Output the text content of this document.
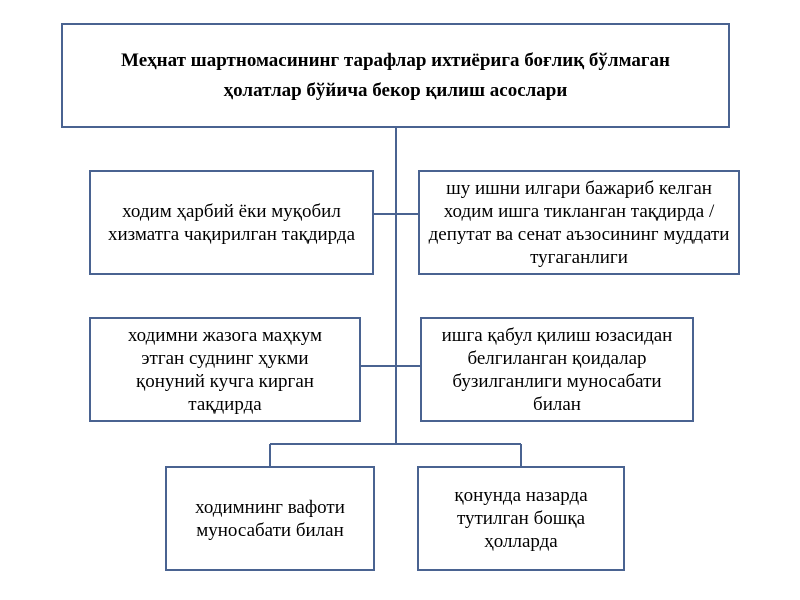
Меҳнат шартномасининг тарафлар ихтиёрига боғлиқ бўлмаган ҳолатлар бўйича бекор қилиш асослари
ходим ҳарбий ёки муқобил хизматга чақирилган тақдирда
шу ишни илгари бажариб келган ходим ишга тикланган тақдирда / депутат ва сенат аъзосининг муддати тугаганлиги
ходимни жазога маҳкум этган суднинг ҳукми қонуний кучга кирган тақдирда
ишга қабул қилиш юзасидан белгиланган қоидалар бузилганлиги муносабати билан
ходимнинг вафоти муносабати билан
қонунда назарда тутилган бошқа ҳолларда
